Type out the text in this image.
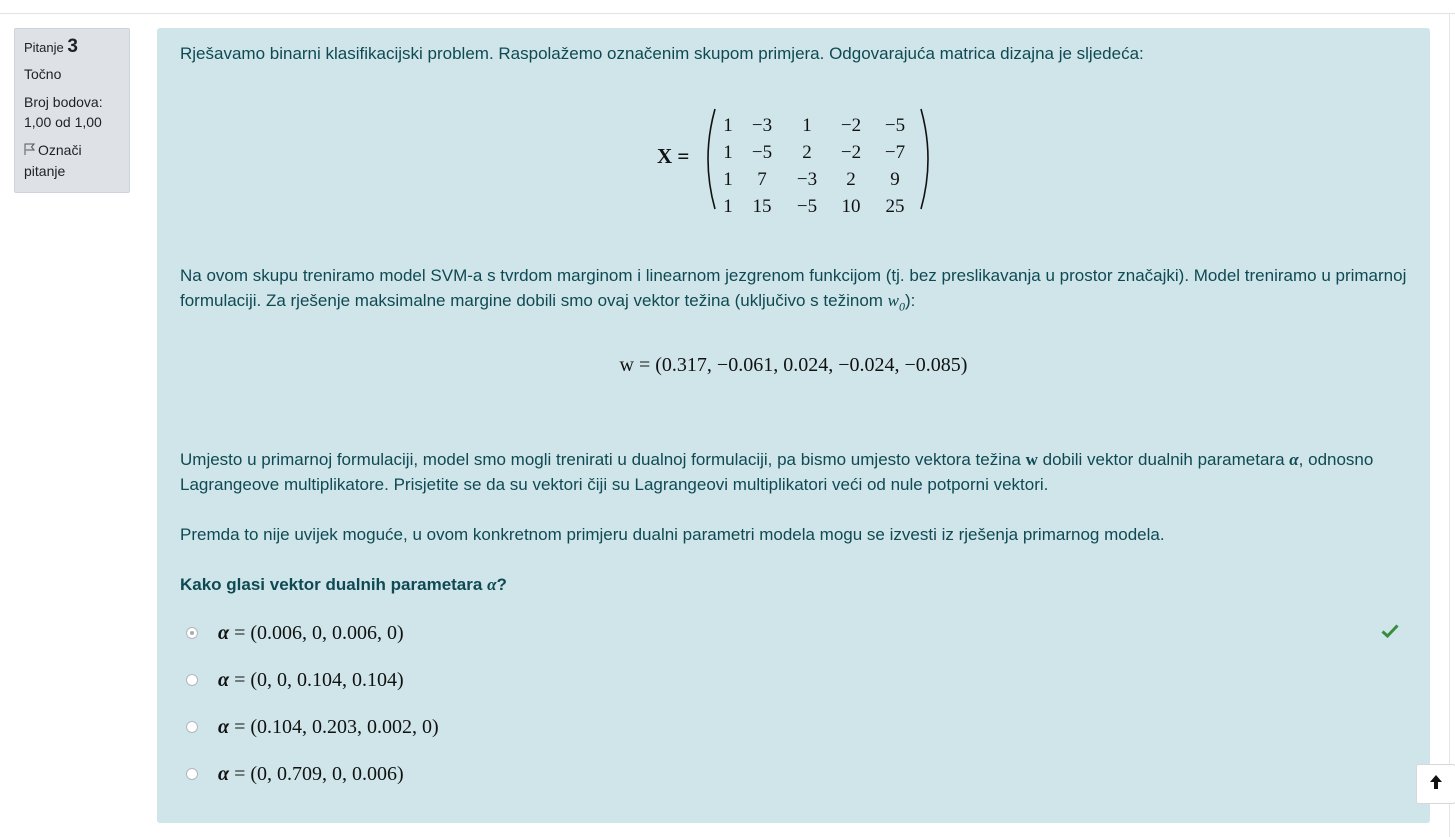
Pitanje 3
Točno
Broj bodova:
1,00 od 1,00
Označi
pitanje

Rješavamo binarni klasifikacijski problem. Raspolažemo označenim skupom primjera. Odgovarajuća matrica dizajna je sljedeća:

X =
1	−3	1	−2	−5
1	−5	2	−2	−7
1	7	−3	2	9
1	15	−5	10	25

Na ovom skupu treniramo model SVM-a s tvrdom marginom i linearnom jezgrenom funkcijom (tj. bez preslikavanja u prostor značajki). Model treniramo u primarnoj formulaciji. Za rješenje maksimalne margine dobili smo ovaj vektor težina (uključivo s težinom $w_0$):

w = (0.317, −0.061, 0.024, −0.024, −0.085)

Umjesto u primarnoj formulaciji, model smo mogli trenirati u dualnoj formulaciji, pa bismo umjesto vektora težina w dobili vektor dualnih parametara α, odnosno Lagrangeove multiplikatore. Prisjetite se da su vektori čiji su Lagrangeovi multiplikatori veći od nule potporni vektori.

Premda to nije uvijek moguće, u ovom konkretnom primjeru dualni parametri modela mogu se izvesti iz rješenja primarnog modela.

Kako glasi vektor dualnih parametara α?

α = (0.006, 0, 0.006, 0)
α = (0, 0, 0.104, 0.104)
α = (0.104, 0.203, 0.002, 0)
α = (0, 0.709, 0, 0.006)
